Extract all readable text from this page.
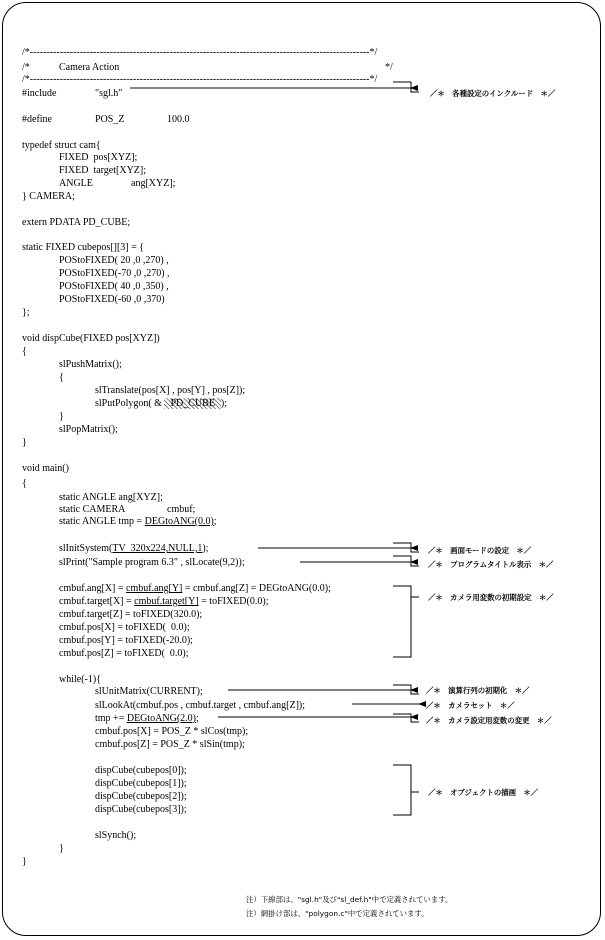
/*------------------------------------------------------------------------------------------------------*/
/*	Camera Action	*/
/*------------------------------------------------------------------------------------------------------*/
#include	"sgl.h"
#define	POS_Z	100.0
typedef struct cam{
FIXED  pos[XYZ];
FIXED  target[XYZ];
ANGLE	ang[XYZ];
} CAMERA;
extern PDATA PD_CUBE;
static FIXED cubepos[][3] = {
POStoFIXED( 20 ,0 ,270) ,
POStoFIXED(-70 ,0 ,270) ,
POStoFIXED( 40 ,0 ,350) ,
POStoFIXED(-60 ,0 ,370)
};
void dispCube(FIXED pos[XYZ])
{
slPushMatrix();
{
slTranslate(pos[X] , pos[Y] , pos[Z]);
slPutPolygon( & PD_CUBE );
}
slPopMatrix();
}
void main()
{
static ANGLE ang[XYZ];
static CAMERA	cmbuf;
static ANGLE tmp = DEGtoANG(0.0);
slInitSystem(TV_320x224,NULL,1);
slPrint("Sample program 6.3" , slLocate(9,2));
cmbuf.ang[X] = cmbuf.ang[Y] = cmbuf.ang[Z] = DEGtoANG(0.0);
cmbuf.target[X] = cmbuf.target[Y] = toFIXED(0.0);
cmbuf.target[Z] = toFIXED(320.0);
cmbuf.pos[X] = toFIXED(  0.0);
cmbuf.pos[Y] = toFIXED(-20.0);
cmbuf.pos[Z] = toFIXED(  0.0);
while(-1){
slUnitMatrix(CURRENT);
slLookAt(cmbuf.pos , cmbuf.target , cmbuf.ang[Z]);
tmp += DEGtoANG(2.0);
cmbuf.pos[X] = POS_Z * slCos(tmp);
cmbuf.pos[Z] = POS_Z * slSin(tmp);
dispCube(cubepos[0]);
dispCube(cubepos[1]);
dispCube(cubepos[2]);
dispCube(cubepos[3]);
slSynch();
}
}
／＊　各種設定のインクルード　＊／
／＊　画面モードの設定　＊／
／＊　プログラムタイトル表示　＊／
／＊　カメラ用変数の初期設定　＊／
／＊　演算行列の初期化　＊／
／＊　カメラセット　＊／
／＊　カメラ設定用変数の変更　＊／
／＊　オブジェクトの描画　＊／
注）下線部は、"sgl.h"及び"sl_def.h"中で定義されています。
注）網掛け部は、"polygon.c"中で定義されています。
